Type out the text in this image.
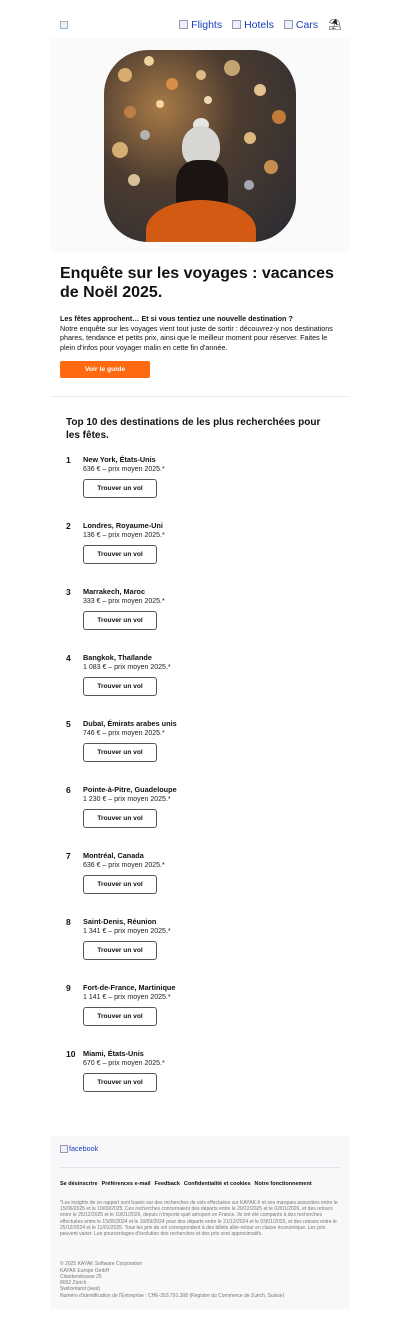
Flights Hotels Cars ⛱
Enquête sur les voyages : vacances de Noël 2025.
Les fêtes approchent… Et si vous tentiez une nouvelle destination ?
Notre enquête sur les voyages vient tout juste de sortir : découvrez-y nos destinations phares, tendance et petits prix, ainsi que le meilleur moment pour réserver. Faites le plein d'infos pour voyager malin en cette fin d'année.
Voir le guide
Top 10 des destinations de les plus recherchées pour les fêtes.
1	New York, États-Unis
636 € – prix moyen 2025.*
Trouver un vol
2	Londres, Royaume-Uni
136 € – prix moyen 2025.*
Trouver un vol
3	Marrakech, Maroc
333 € – prix moyen 2025.*
Trouver un vol
4	Bangkok, Thaïlande
1 083 € – prix moyen 2025.*
Trouver un vol
5	Dubaï, Émirats arabes unis
746 € – prix moyen 2025.*
Trouver un vol
6	Pointe-à-Pitre, Guadeloupe
1 230 € – prix moyen 2025.*
Trouver un vol
7	Montréal, Canada
636 € – prix moyen 2025.*
Trouver un vol
8	Saint-Denis, Réunion
1 341 € – prix moyen 2025.*
Trouver un vol
9	Fort-de-France, Martinique
1 141 € – prix moyen 2025.*
Trouver un vol
10	Miami, États-Unis
670 € – prix moyen 2025.*
Trouver un vol
facebook
Se désinscrire Préférences e-mail Feedback Confidentialité et cookies Notre fonctionnement
*Les insights de ce rapport sont basés sur des recherches de vols effectuées sur KAYAK.fr et ses marques associées entre le 15/06/2025 et le 10/09/2025. Ces recherches concernaient des départs entre le 20/12/2025 et le 02/01/2026, et des retours entre le 25/12/2025 et le 10/01/2026, depuis n'importe quel aéroport en France. Ils ont été comparés à des recherches effectuées entre le 15/06/2024 et le 10/09/2024 pour des départs entre le 21/12/2024 et le 03/01/2025, et des retours entre le 25/12/2024 et le 11/01/2025. Tous les prix de vol correspondent à des billets aller-retour en classe économique. Les prix peuvent varier. Les pourcentages d'évolution des recherches et des prix sont approximatifs.
© 2025 KAYAK Software Corporation
KAYAK Europe GmbH
Clandenstrasse 25
8002 Zürich
Switzerland (seat)
Numéro d'identification de l'Entreprise : CHE-353.791.308 (Registre du Commerce de Zurich, Suisse)
